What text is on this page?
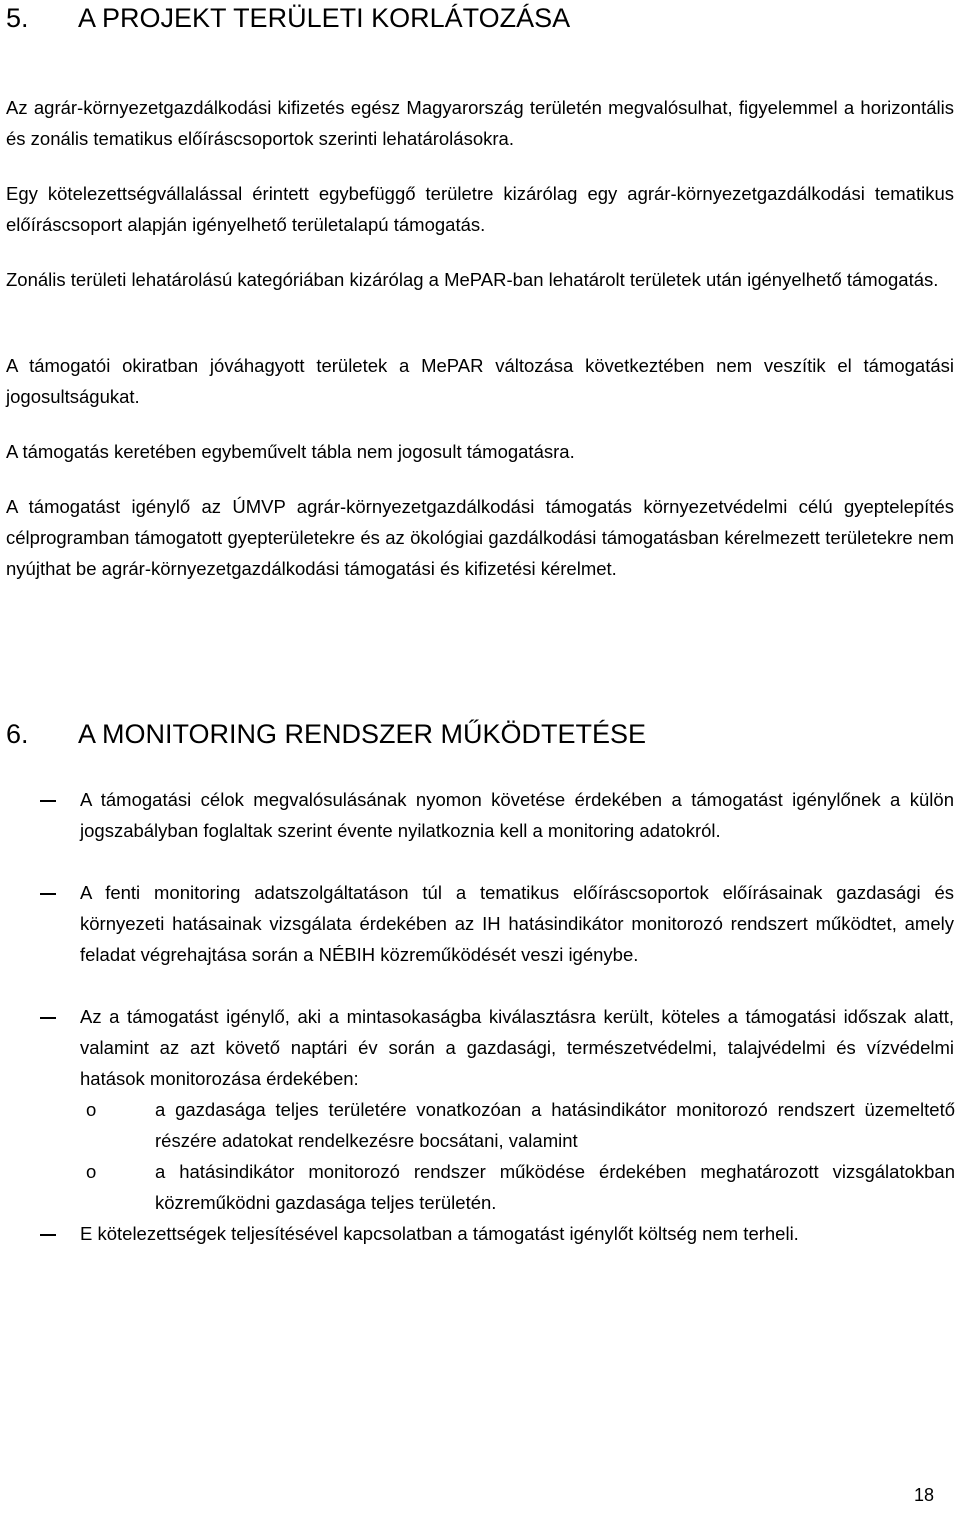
5. A PROJEKT TERÜLETI KORLÁTOZÁSA

Az agrár-környezetgazdálkodási kifizetés egész Magyarország területén megvalósulhat, figyelemmel a horizontális és zonális tematikus előíráscsoportok szerinti lehatárolásokra.

Egy kötelezettségvállalással érintett egybefüggő területre kizárólag egy agrár-környezetgazdálkodási tematikus előíráscsoport alapján igényelhető területalapú támogatás.

Zonális területi lehatárolású kategóriában kizárólag a MePAR-ban lehatárolt területek után igényelhető támogatás.

A támogatói okiratban jóváhagyott területek a MePAR változása következtében nem veszítik el támogatási jogosultságukat.

A támogatás keretében egybeművelt tábla nem jogosult támogatásra.

A támogatást igénylő az ÚMVP agrár-környezetgazdálkodási támogatás környezetvédelmi célú gyeptelepítés célprogramban támogatott gyepterületekre és az ökológiai gazdálkodási támogatásban kérelmezett területekre nem nyújthat be agrár-környezetgazdálkodási támogatási és kifizetési kérelmet.

6. A MONITORING RENDSZER MŰKÖDTETÉSE

A támogatási célok megvalósulásának nyomon követése érdekében a támogatást igénylőnek a külön jogszabályban foglaltak szerint évente nyilatkoznia kell a monitoring adatokról.

A fenti monitoring adatszolgáltatáson túl a tematikus előíráscsoportok előírásainak gazdasági és környezeti hatásainak vizsgálata érdekében az IH hatásindikátor monitorozó rendszert működtet, amely feladat végrehajtása során a NÉBIH közreműködését veszi igénybe.

Az a támogatást igénylő, aki a mintasokaságba kiválasztásra került, köteles a támogatási időszak alatt, valamint az azt követő naptári év során a gazdasági, természetvédelmi, talajvédelmi és vízvédelmi hatások monitorozása érdekében:

o	a gazdasága teljes területére vonatkozóan a hatásindikátor monitorozó rendszert üzemeltető részére adatokat rendelkezésre bocsátani, valamint

o	a hatásindikátor monitorozó rendszer működése érdekében meghatározott vizsgálatokban közreműködni gazdasága teljes területén.

E kötelezettségek teljesítésével kapcsolatban a támogatást igénylőt költség nem terheli.

18
